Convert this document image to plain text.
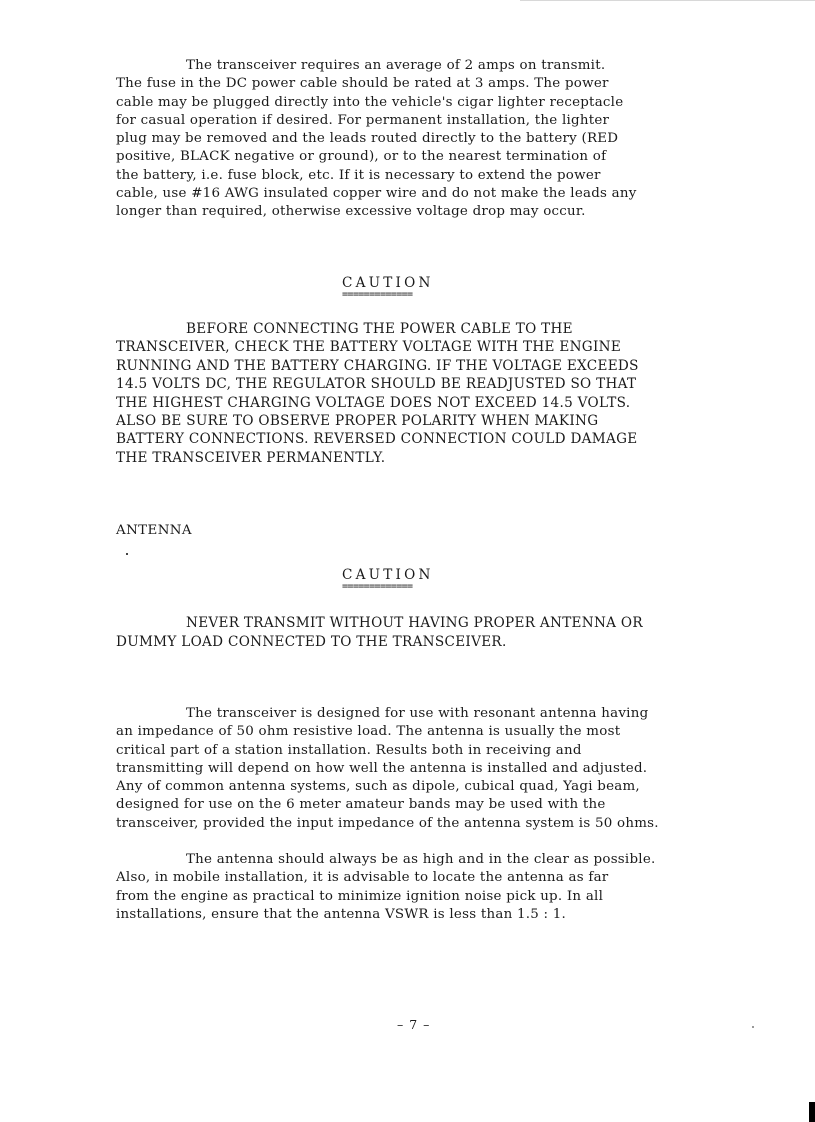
The transceiver requires an average of 2 amps on transmit.
The fuse in the DC power cable should be rated at 3 amps. The power
cable may be plugged directly into the vehicle's cigar lighter receptacle
for casual operation if desired. For permanent installation, the lighter
plug may be removed and the leads routed directly to the battery (RED
positive, BLACK negative or ground), or to the nearest termination of
the battery, i.e. fuse block, etc. If it is necessary to extend the power
cable, use #16 AWG insulated copper wire and do not make the leads any
longer than required, otherwise excessive voltage drop may occur.
CAUTION
=============
BEFORE CONNECTING THE POWER CABLE TO THE
TRANSCEIVER, CHECK THE BATTERY VOLTAGE WITH THE ENGINE
RUNNING AND THE BATTERY CHARGING. IF THE VOLTAGE EXCEEDS
14.5 VOLTS DC, THE REGULATOR SHOULD BE READJUSTED SO THAT
THE HIGHEST CHARGING VOLTAGE DOES NOT EXCEED 14.5 VOLTS.
ALSO BE SURE TO OBSERVE PROPER POLARITY WHEN MAKING
BATTERY CONNECTIONS. REVERSED CONNECTION COULD DAMAGE
THE TRANSCEIVER PERMANENTLY.
ANTENNA
CAUTION
=============
NEVER TRANSMIT WITHOUT HAVING PROPER ANTENNA OR
DUMMY LOAD CONNECTED TO THE TRANSCEIVER.
The transceiver is designed for use with resonant antenna having
an impedance of 50 ohm resistive load. The antenna is usually the most
critical part of a station installation. Results both in receiving and
transmitting will depend on how well the antenna is installed and adjusted.
Any of common antenna systems, such as dipole, cubical quad, Yagi beam,
designed for use on the 6 meter amateur bands may be used with the
transceiver, provided the input impedance of the antenna system is 50 ohms.
The antenna should always be as high and in the clear as possible.
Also, in mobile installation, it is advisable to locate the antenna as far
from the engine as practical to minimize ignition noise pick up. In all
installations, ensure that the antenna VSWR is less than 1.5 : 1.
– 7 –
